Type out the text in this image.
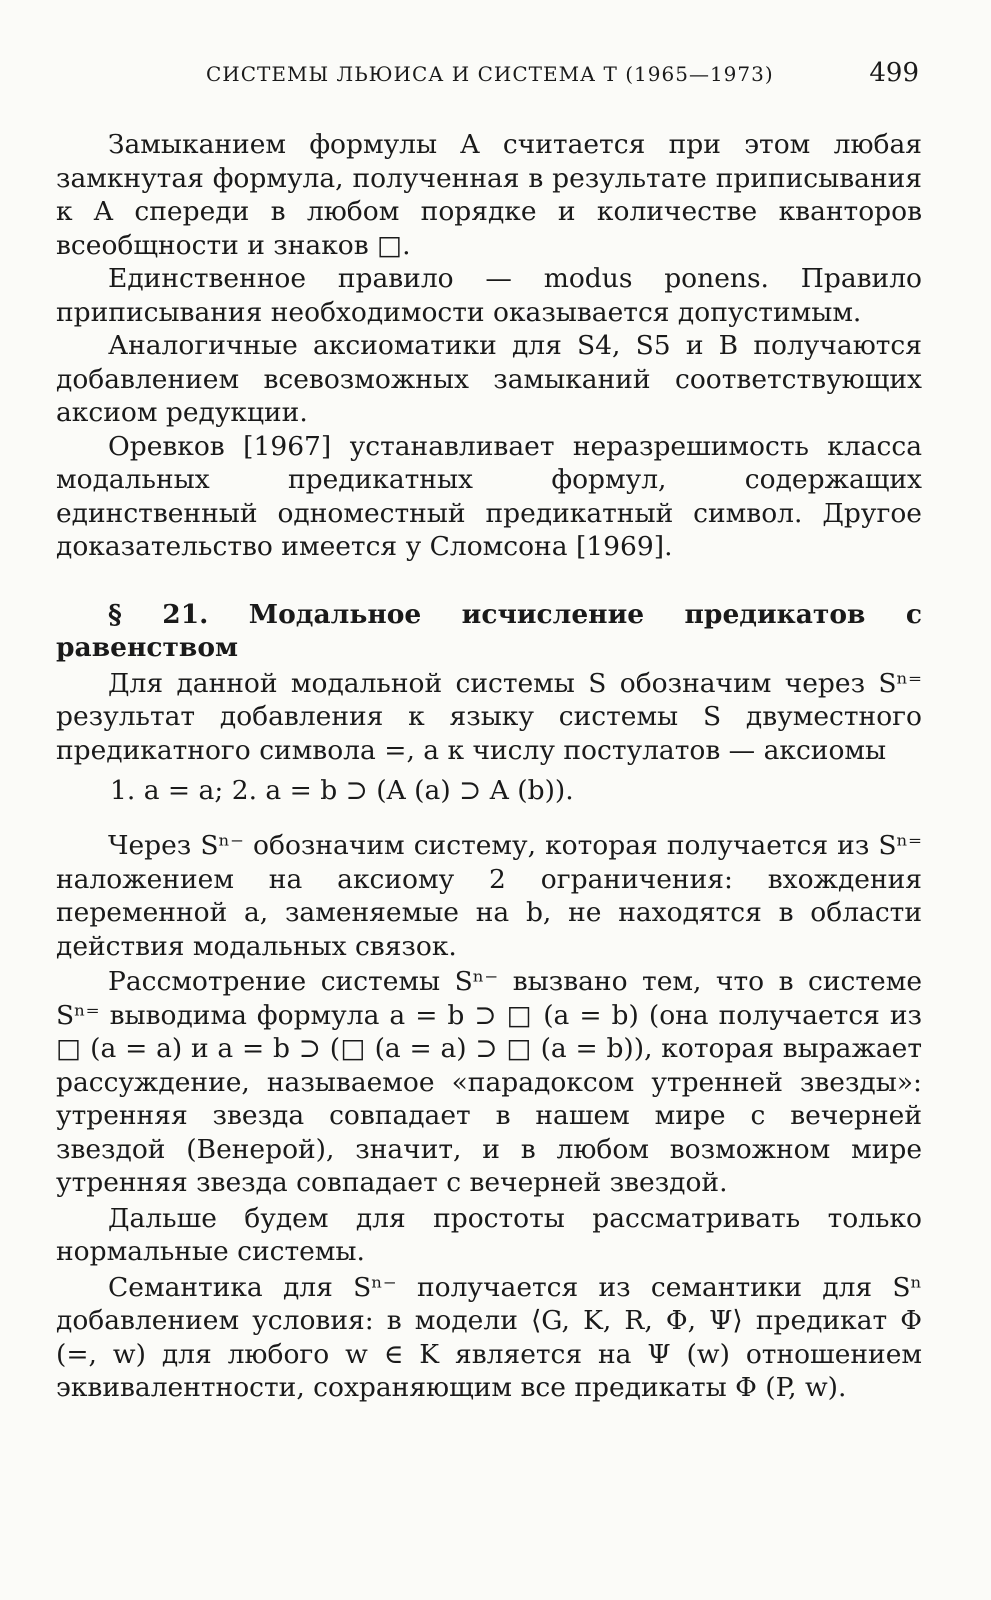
СИСТЕМЫ ЛЬЮИСА И СИСТЕМА T (1965—1973)	499

Замыканием формулы A считается при этом любая замкнутая формула, полученная в результате приписывания к A спереди в любом порядке и количестве кванторов всеобщности и знаков □.

Единственное правило — modus ponens. Правило приписывания необходимости оказывается допустимым.

Аналогичные аксиоматики для S4, S5 и B получаются добавлением всевозможных замыканий соответствующих аксиом редукции.

Оревков [1967] устанавливает неразрешимость класса модальных предикатных формул, содержащих единственный одноместный предикатный символ. Другое доказательство имеется у Сломсона [1969].

§ 21. Модальное исчисление предикатов с равенством

Для данной модальной системы S обозначим через Sⁿ⁼ результат добавления к языку системы S двуместного предикатного символа =, а к числу постулатов — аксиомы

1. a = a; 2. a = b ⊃ (A (a) ⊃ A (b)).

Через Sⁿ⁻ обозначим систему, которая получается из Sⁿ⁼ наложением на аксиому 2 ограничения: вхождения переменной a, заменяемые на b, не находятся в области действия модальных связок.

Рассмотрение системы Sⁿ⁻ вызвано тем, что в системе Sⁿ⁼ выводима формула a = b ⊃ □ (a = b) (она получается из □ (a = a) и a = b ⊃ (□ (a = a) ⊃ □ (a = b)), которая выражает рассуждение, называемое «парадоксом утренней звезды»: утренняя звезда совпадает в нашем мире с вечерней звездой (Венерой), значит, и в любом возможном мире утренняя звезда совпадает с вечерней звездой.

Дальше будем для простоты рассматривать только нормальные системы.

Семантика для Sⁿ⁻ получается из семантики для Sⁿ добавлением условия: в модели ⟨G, K, R, Φ, Ψ⟩ предикат Φ (=, w) для любого w ∈ K является на Ψ (w) отношением эквивалентности, сохраняющим все предикаты Φ (P, w).
